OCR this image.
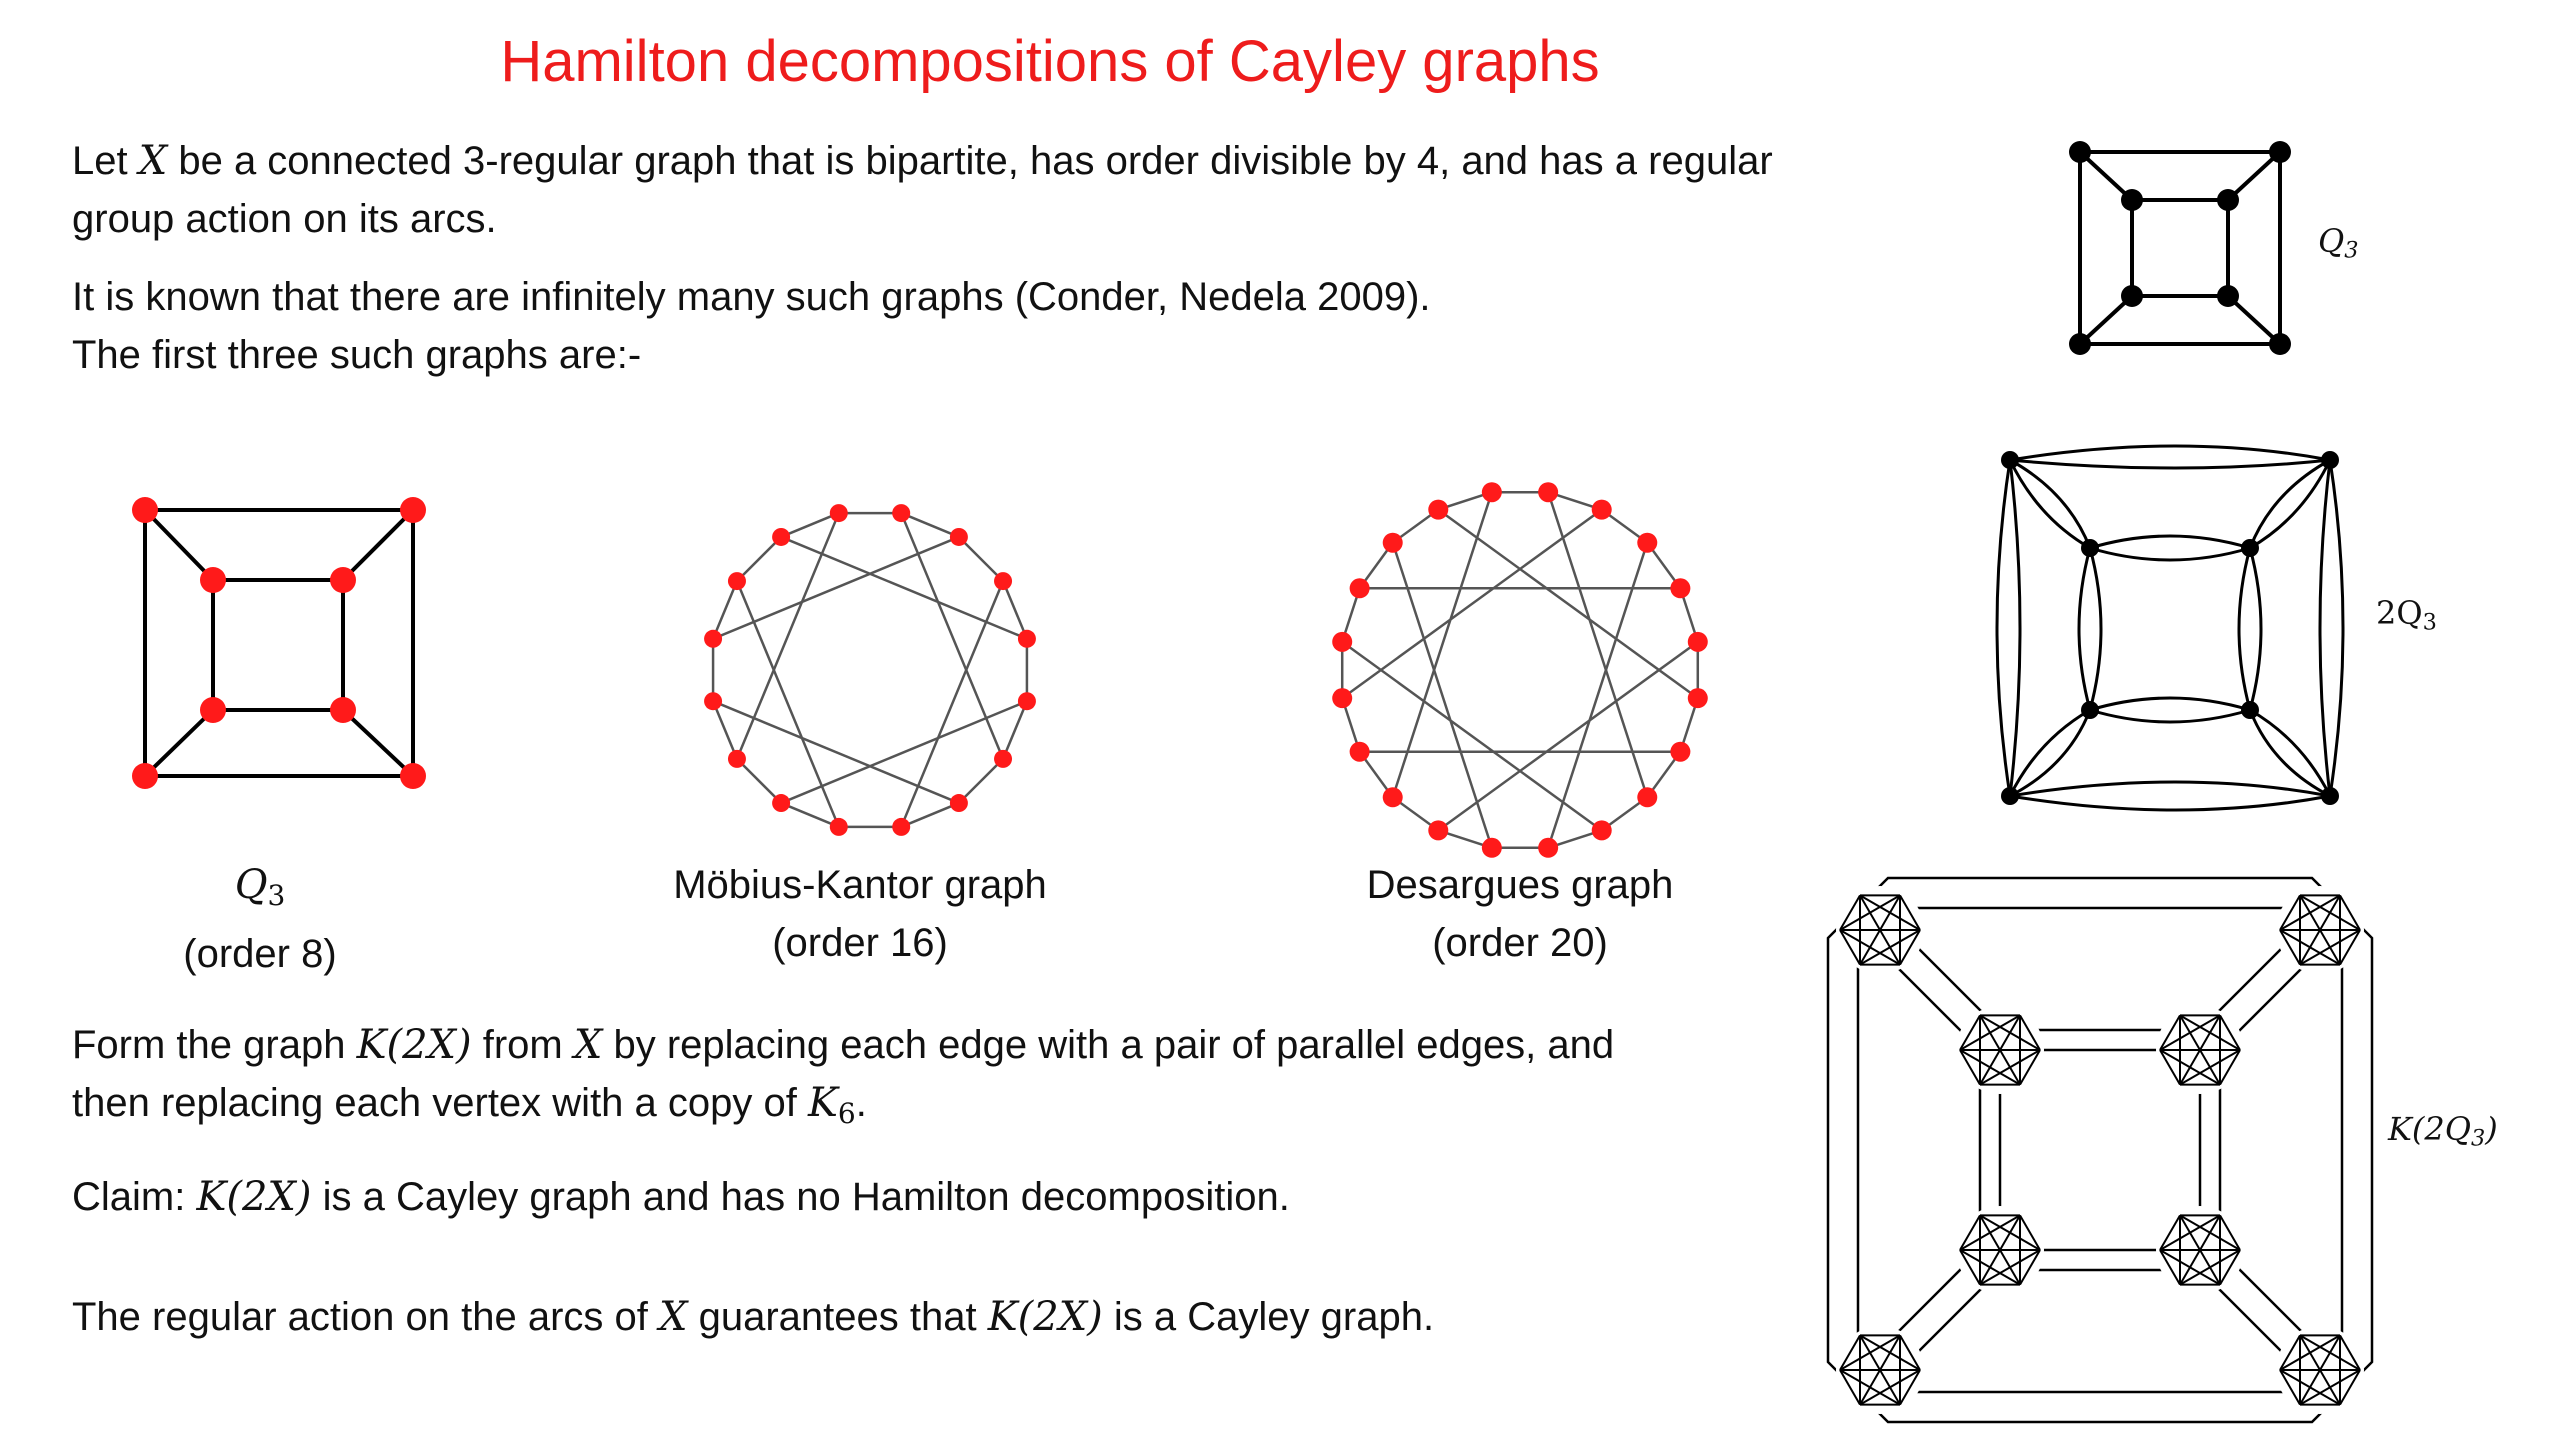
Hamilton decompositions of Cayley graphs
Let X be a connected 3-regular graph that is bipartite, has order divisible by 4, and has a regular
group action on its arcs.
It is known that there are infinitely many such graphs (Conder, Nedela 2009).
The first three such graphs are:-
$Q_3$
(order 8)
Möbius-Kantor graph
(order 16)
Desargues graph
(order 20)
Form the graph K(2X) from X by replacing each edge with a pair of parallel edges, and
then replacing each vertex with a copy of $K_6$.
Claim: K(2X) is a Cayley graph and has no Hamilton decomposition.
The regular action on the arcs of X guarantees that K(2X) is a Cayley graph.
$Q_3$
$2Q_3$
$K(2Q_3)$
